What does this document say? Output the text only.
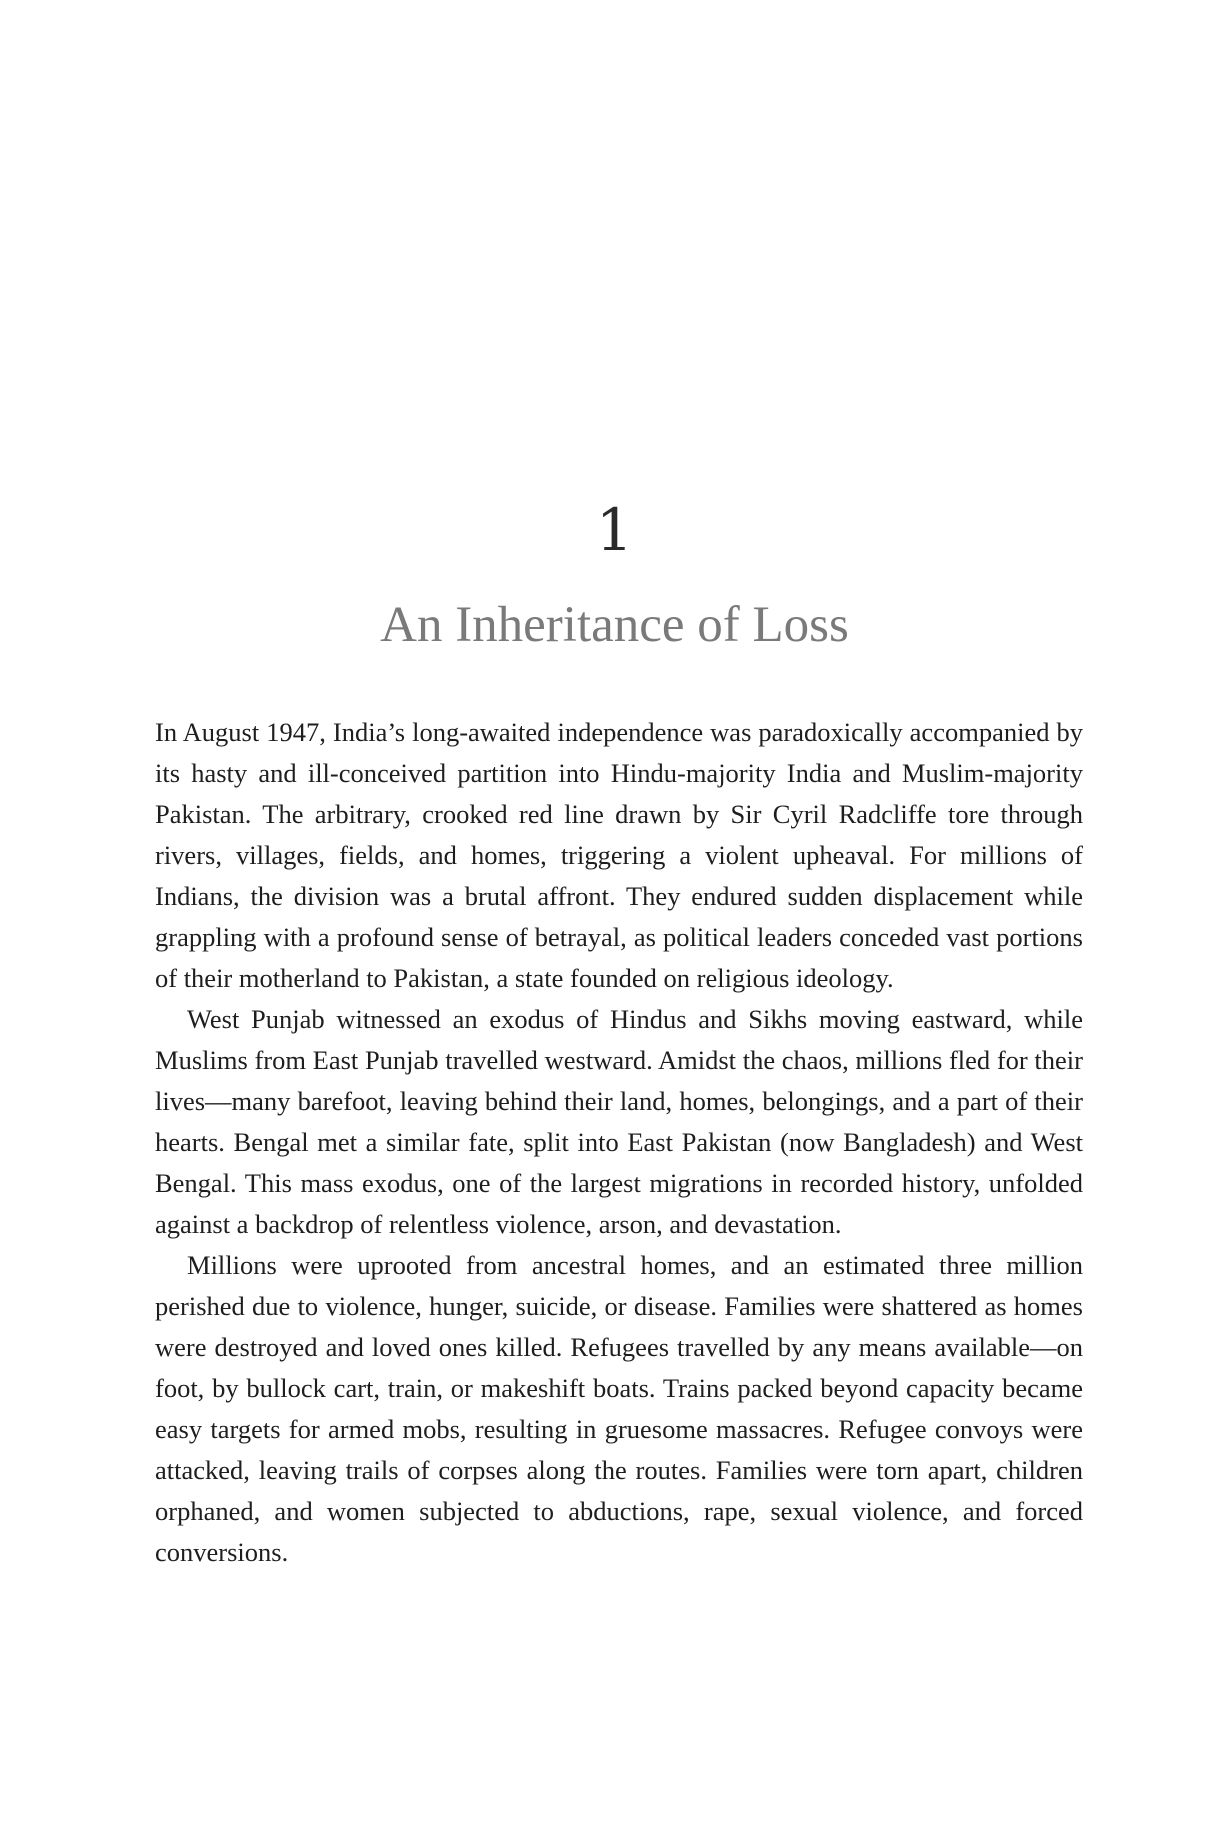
1
An Inheritance of Loss

In August 1947, India’s long-awaited independence was paradoxically accompanied by its hasty and ill-conceived partition into Hindu-majority India and Muslim-majority Pakistan. The arbitrary, crooked red line drawn by Sir Cyril Radcliffe tore through rivers, villages, fields, and homes, triggering a violent upheaval. For millions of Indians, the division was a brutal affront. They endured sudden displacement while grappling with a profound sense of betrayal, as political leaders conceded vast portions of their motherland to Pakistan, a state founded on religious ideology.

West Punjab witnessed an exodus of Hindus and Sikhs moving eastward, while Muslims from East Punjab travelled westward. Amidst the chaos, millions fled for their lives—many barefoot, leaving behind their land, homes, belongings, and a part of their hearts. Bengal met a similar fate, split into East Pakistan (now Bangladesh) and West Bengal. This mass exodus, one of the largest migrations in recorded history, unfolded against a backdrop of relentless violence, arson, and devastation.

Millions were uprooted from ancestral homes, and an estimated three million perished due to violence, hunger, suicide, or disease. Families were shattered as homes were destroyed and loved ones killed. Refugees travelled by any means available—on foot, by bullock cart, train, or makeshift boats. Trains packed beyond capacity became easy targets for armed mobs, resulting in gruesome massacres. Refugee convoys were attacked, leaving trails of corpses along the routes. Families were torn apart, children orphaned, and women subjected to abductions, rape, sexual violence, and forced conversions.
